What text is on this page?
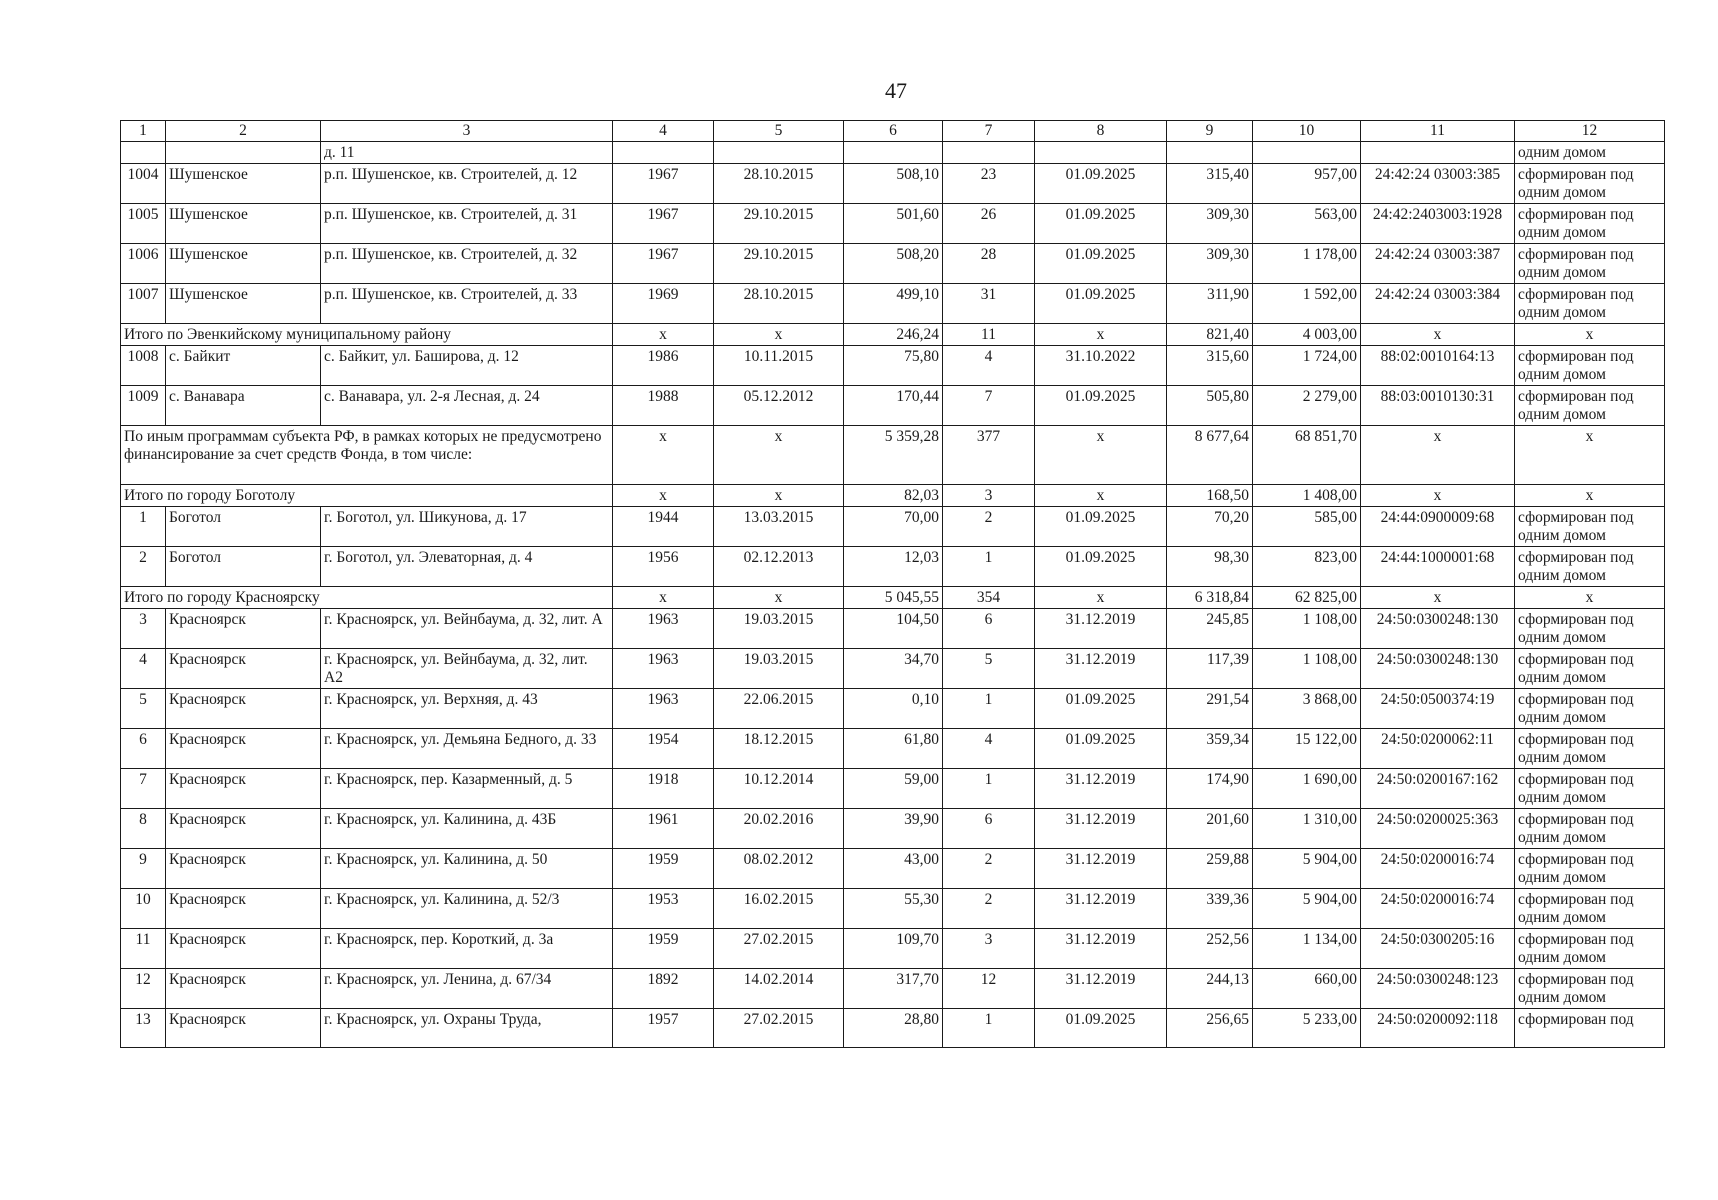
47
1	2	3	4	5	6	7	8	9	10	11	12
		д. 11									одним домом
1004	Шушенское	р.п. Шушенское, кв. Строителей, д. 12	1967	28.10.2015	508,10	23	01.09.2025	315,40	957,00	24:42:24 03003:385	сформирован под одним домом
1005	Шушенское	р.п. Шушенское, кв. Строителей, д. 31	1967	29.10.2015	501,60	26	01.09.2025	309,30	563,00	24:42:2403003:1928	сформирован под одним домом
1006	Шушенское	р.п. Шушенское, кв. Строителей, д. 32	1967	29.10.2015	508,20	28	01.09.2025	309,30	1 178,00	24:42:24 03003:387	сформирован под одним домом
1007	Шушенское	р.п. Шушенское, кв. Строителей, д. 33	1969	28.10.2015	499,10	31	01.09.2025	311,90	1 592,00	24:42:24 03003:384	сформирован под одним домом
Итого по Эвенкийскому муниципальному району			x	x	246,24	11	x	821,40	4 003,00	x	x
1008	с. Байкит	с. Байкит, ул. Баширова, д. 12	1986	10.11.2015	75,80	4	31.10.2022	315,60	1 724,00	88:02:0010164:13	сформирован под одним домом
1009	с. Ванавара	с. Ванавара, ул. 2-я Лесная, д. 24	1988	05.12.2012	170,44	7	01.09.2025	505,80	2 279,00	88:03:0010130:31	сформирован под одним домом
По иным программам субъекта РФ, в рамках которых не предусмотрено финансирование за счет средств Фонда, в том числе:			x	x	5 359,28	377	x	8 677,64	68 851,70	x	x
Итого по городу Боготолу			x	x	82,03	3	x	168,50	1 408,00	x	x
1	Боготол	г. Боготол, ул. Шикунова, д. 17	1944	13.03.2015	70,00	2	01.09.2025	70,20	585,00	24:44:0900009:68	сформирован под одним домом
2	Боготол	г. Боготол, ул. Элеваторная, д. 4	1956	02.12.2013	12,03	1	01.09.2025	98,30	823,00	24:44:1000001:68	сформирован под одним домом
Итого по городу Красноярску			x	x	5 045,55	354	x	6 318,84	62 825,00	x	x
3	Красноярск	г. Красноярск, ул. Вейнбаума, д. 32, лит. А	1963	19.03.2015	104,50	6	31.12.2019	245,85	1 108,00	24:50:0300248:130	сформирован под одним домом
4	Красноярск	г. Красноярск, ул. Вейнбаума, д. 32, лит. А2	1963	19.03.2015	34,70	5	31.12.2019	117,39	1 108,00	24:50:0300248:130	сформирован под одним домом
5	Красноярск	г. Красноярск, ул. Верхняя, д. 43	1963	22.06.2015	0,10	1	01.09.2025	291,54	3 868,00	24:50:0500374:19	сформирован под одним домом
6	Красноярск	г. Красноярск, ул. Демьяна Бедного, д. 33	1954	18.12.2015	61,80	4	01.09.2025	359,34	15 122,00	24:50:0200062:11	сформирован под одним домом
7	Красноярск	г. Красноярск, пер. Казарменный, д. 5	1918	10.12.2014	59,00	1	31.12.2019	174,90	1 690,00	24:50:0200167:162	сформирован под одним домом
8	Красноярск	г. Красноярск, ул. Калинина, д. 43Б	1961	20.02.2016	39,90	6	31.12.2019	201,60	1 310,00	24:50:0200025:363	сформирован под одним домом
9	Красноярск	г. Красноярск, ул. Калинина, д. 50	1959	08.02.2012	43,00	2	31.12.2019	259,88	5 904,00	24:50:0200016:74	сформирован под одним домом
10	Красноярск	г. Красноярск, ул. Калинина, д. 52/3	1953	16.02.2015	55,30	2	31.12.2019	339,36	5 904,00	24:50:0200016:74	сформирован под одним домом
11	Красноярск	г. Красноярск, пер. Короткий, д. 3а	1959	27.02.2015	109,70	3	31.12.2019	252,56	1 134,00	24:50:0300205:16	сформирован под одним домом
12	Красноярск	г. Красноярск, ул. Ленина, д. 67/34	1892	14.02.2014	317,70	12	31.12.2019	244,13	660,00	24:50:0300248:123	сформирован под одним домом
13	Красноярск	г. Красноярск, ул. Охраны Труда,	1957	27.02.2015	28,80	1	01.09.2025	256,65	5 233,00	24:50:0200092:118	сформирован под
